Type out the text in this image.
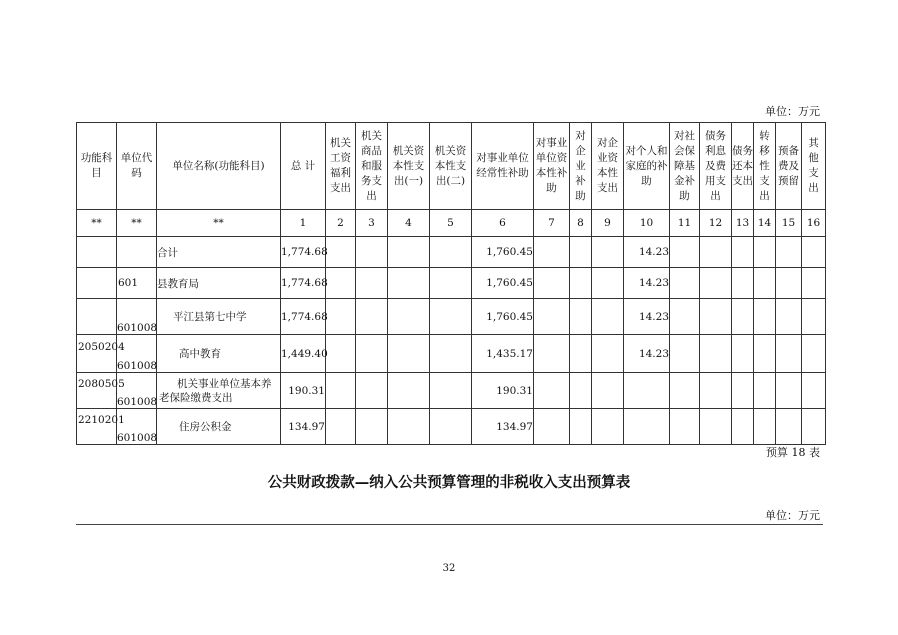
单位：万元
功能科目	单位代码	单位名称(功能科目)	总 计	机关工资福利支出	机关商品和服务支出	机关资本性支出(一)	机关资本性支出(二)	对事业单位经常性补助	对事业单位资本性补助	对企业补助	对企业资本性支出	对个人和家庭的补助	对社会保障基金补助	债务利息及费用支出	债务还本支出	转移性支出	预备费及预留	其他支出
**	**	**	1	2	3	4	5	6	7	8	9	10	11	12	13	14	15	16
		合计	1,774.68					1,760.45				14.23						
	601	县教育局	1,774.68					1,760.45				14.23						
	601008	平江县第七中学	1,774.68					1,760.45				14.23						
2050204	601008	高中教育	1,449.40					1,435.17				14.23						
2080505	601008	机关事业单位基本养老保险缴费支出	190.31					190.31										
2210201	601008	住房公积金	134.97					134.97										
预算 18 表
公共财政拨款—纳入公共预算管理的非税收入支出预算表
单位：万元
32
